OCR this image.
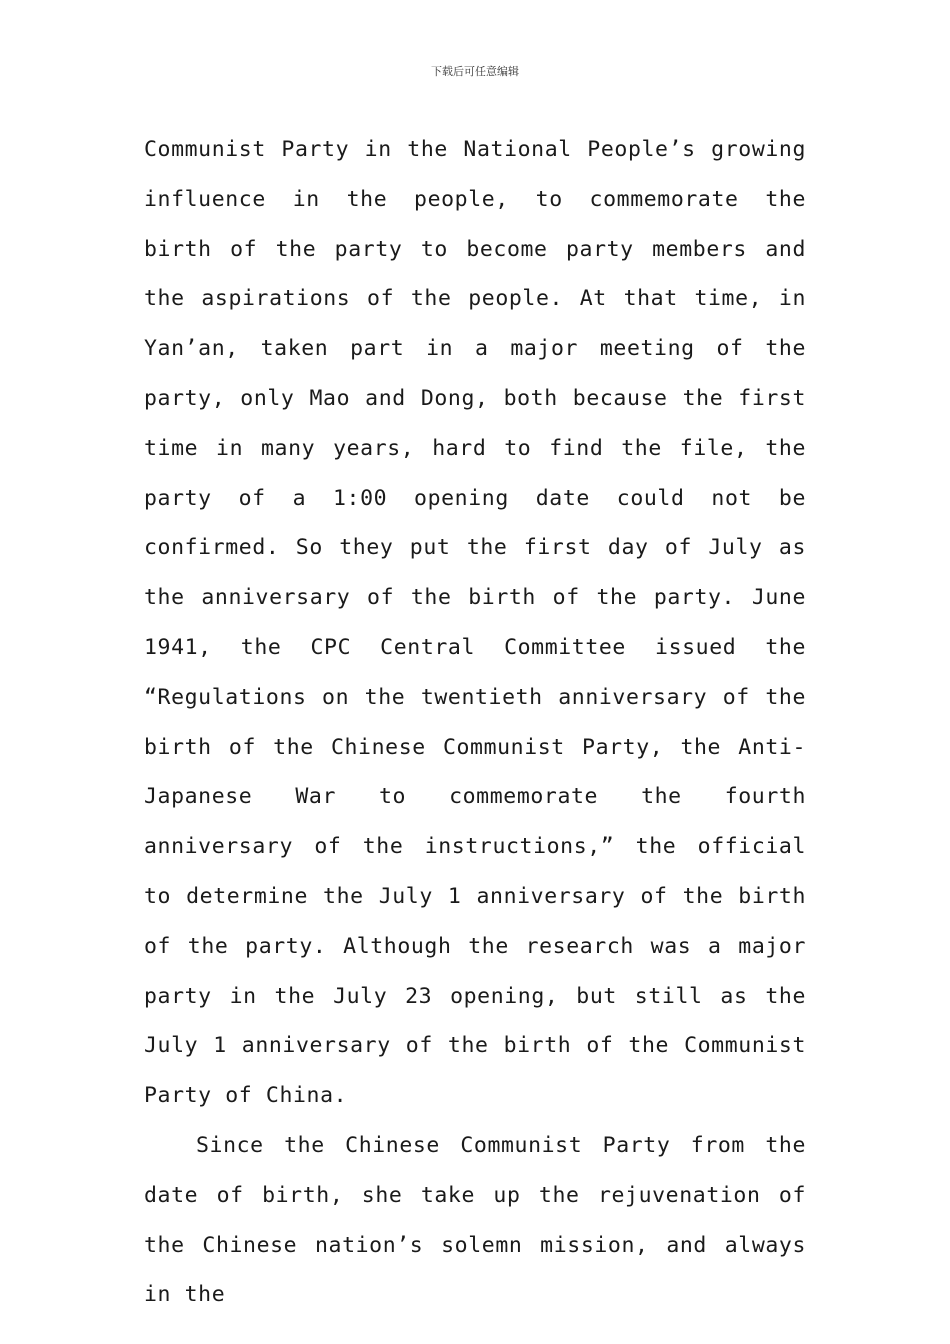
下载后可任意编辑

Communist Party in the National People’s growing influence in the people, to commemorate the birth of the party to become party members and the aspirations of the people. At that time, in Yan’an, taken part in a major meeting of the party, only Mao and Dong, both because the first time in many years, hard to find the file, the party of a 1:00 opening date could not be confirmed. So they put the first day of July as the anniversary of the birth of the party. June 1941, the CPC Central Committee issued the “Regulations on the twentieth anniversary of the birth of the Chinese Communist Party, the Anti-Japanese War to commemorate the fourth anniversary of the instructions,” the official to determine the July 1 anniversary of the birth of the party. Although the research was a major party in the July 23 opening, but still as the July 1 anniversary of the birth of the Communist Party of China.

Since the Chinese Communist Party from the date of birth, she take up the rejuvenation of the Chinese nation’s solemn mission, and always in the
